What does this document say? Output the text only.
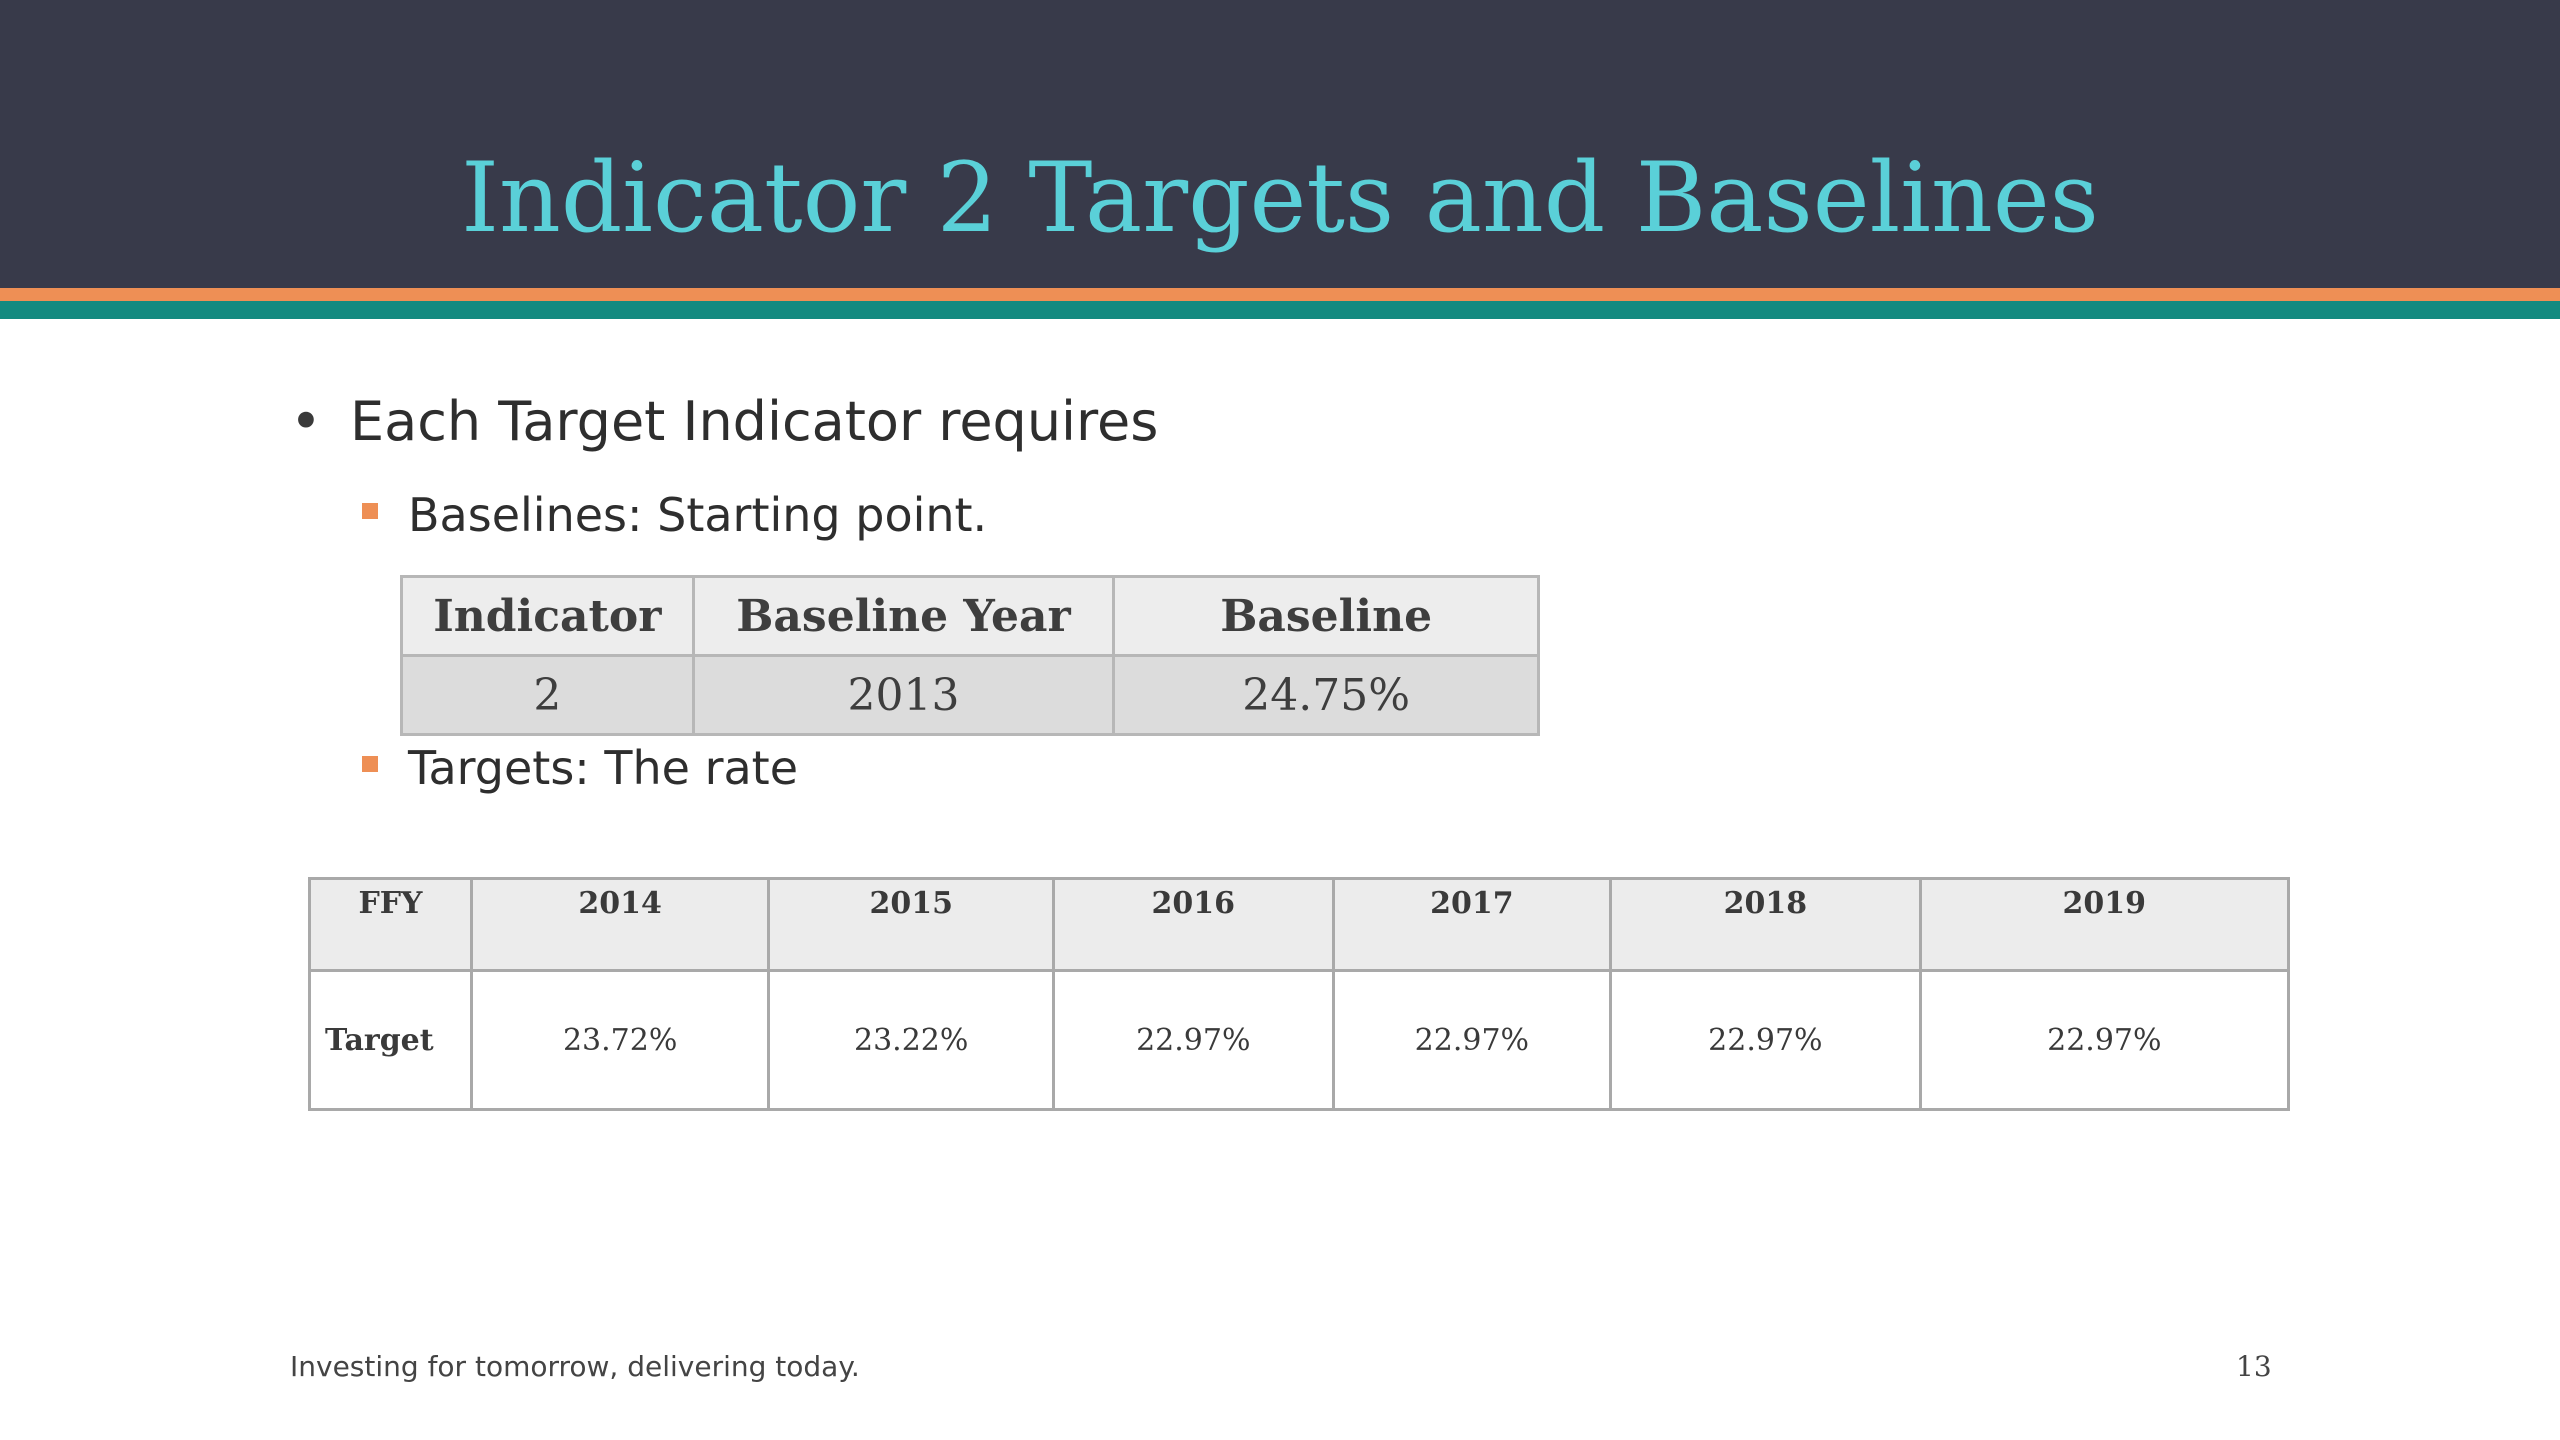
Indicator 2 Targets and Baselines
• Each Target Indicator requires
Baselines: Starting point.
Indicator	Baseline Year	Baseline
2	2013	24.75%
Targets: The rate
FFY	2014	2015	2016	2017	2018	2019
Target	23.72%	23.22%	22.97%	22.97%	22.97%	22.97%
Investing for tomorrow, delivering today.	13
